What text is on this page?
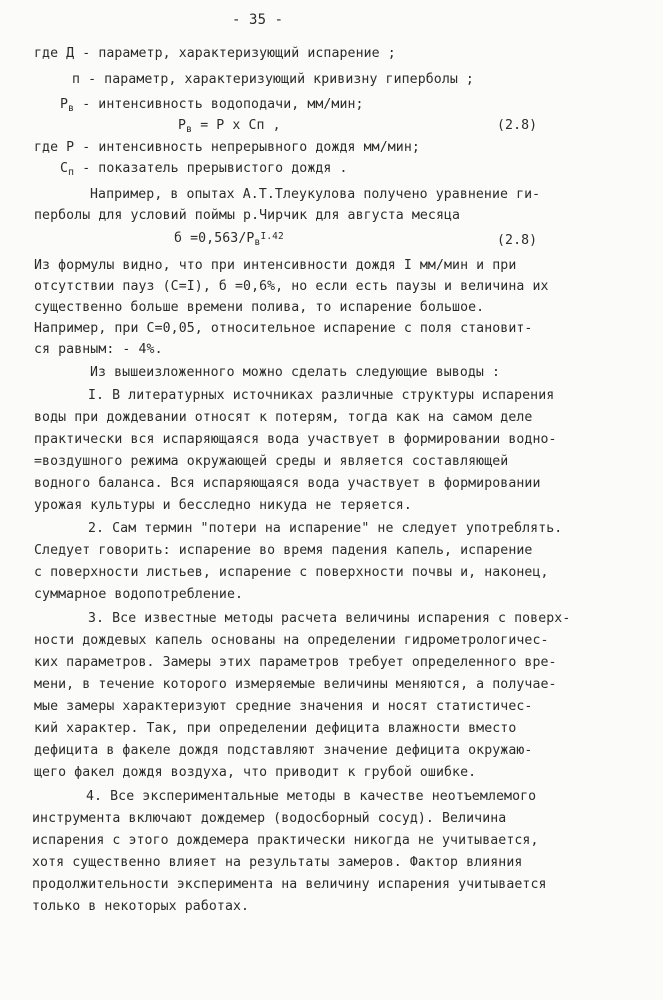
- 35 -
где Д - параметр, характеризующий испарение ;
п - параметр, характеризующий кривизну гиперболы ;
$Р_в$ - интенсивность водоподачи, мм/мин;
$Р_в = Р$ х Сп ,	(2.8)
где Р - интенсивность непрерывного дождя мм/мин;
$С_п$ - показатель прерывистого дождя .
Например, в опытах А.Т.Тлеукулова получено уравнение ги-
перболы для условий поймы р.Чирчик для августа месяца
$б =0,563/Р_в^{I.42}$	(2.8)
Из формулы видно, что при интенсивности дождя I мм/мин и при
отсутствии пауз (С=I), б =0,6%, но если есть паузы и величина их
существенно больше времени полива, то испарение большое.
Например, при С=0,05, относительное испарение с поля становит-
ся равным: - 4%.
Из вышеизложенного можно сделать следующие выводы :
I. В литературных источниках различные структуры испарения
воды при дождевании относят к потерям, тогда как на самом деле
практически вся испаряющаяся вода участвует в формировании водно-
=воздушного режима окружающей среды и является составляющей
водного баланса. Вся испаряющаяся вода участвует в формировании
урожая культуры и бесследно никуда не теряется.
2. Сам термин "потери на испарение" не следует употреблять.
Следует говорить: испарение во время падения капель, испарение
с поверхности листьев, испарение с поверхности почвы и, наконец,
суммарное водопотребление.
3. Все известные методы расчета величины испарения с поверх-
ности дождевых капель основаны на определении гидрометрологичес-
ких параметров. Замеры этих параметров требует определенного вре-
мени, в течение которого измеряемые величины меняются, а получае-
мые замеры характеризуют средние значения и носят статистичес-
кий характер. Так, при определении дефицита влажности вместо
дефицита в факеле дождя подставляют значение дефицита окружаю-
щего факел дождя воздуха, что приводит к грубой ошибке.
4. Все экспериментальные методы в качестве неотъемлемого
инструмента включают дождемер (водосборный сосуд). Величина
испарения с этого дождемера практически никогда не учитывается,
хотя существенно влияет на результаты замеров. Фактор влияния
продолжительности эксперимента на величину испарения учитывается
только в некоторых работах.
